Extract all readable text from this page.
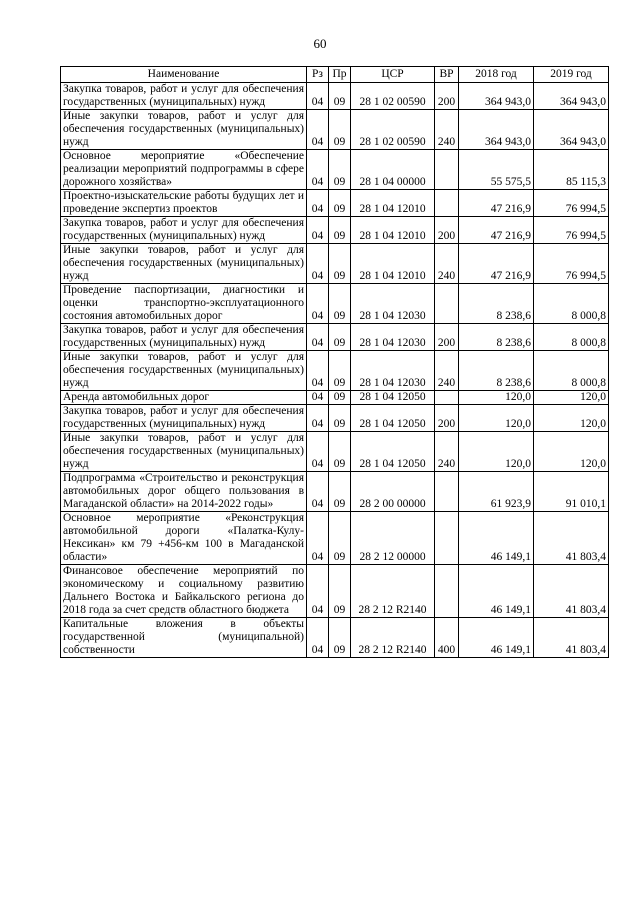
60
Наименование	Рз	Пр	ЦСР	ВР	2018 год	2019 год
Закупка товаров, работ и услуг для обеспечения государственных (муниципальных) нужд	04	09	28 1 02 00590	200	364 943,0	364 943,0
Иные закупки товаров, работ и услуг для обеспечения государственных (муниципальных) нужд	04	09	28 1 02 00590	240	364 943,0	364 943,0
Основное мероприятие «Обеспечение реализации мероприятий подпрограммы в сфере дорожного хозяйства»	04	09	28 1 04 00000		55 575,5	85 115,3
Проектно-изыскательские работы будущих лет и проведение экспертиз проектов	04	09	28 1 04 12010		47 216,9	76 994,5
Закупка товаров, работ и услуг для обеспечения государственных (муниципальных) нужд	04	09	28 1 04 12010	200	47 216,9	76 994,5
Иные закупки товаров, работ и услуг для обеспечения государственных (муниципальных) нужд	04	09	28 1 04 12010	240	47 216,9	76 994,5
Проведение паспортизации, диагностики и оценки транспортно-эксплуатационного состояния автомобильных дорог	04	09	28 1 04 12030		8 238,6	8 000,8
Закупка товаров, работ и услуг для обеспечения государственных (муниципальных) нужд	04	09	28 1 04 12030	200	8 238,6	8 000,8
Иные закупки товаров, работ и услуг для обеспечения государственных (муниципальных) нужд	04	09	28 1 04 12030	240	8 238,6	8 000,8
Аренда автомобильных дорог	04	09	28 1 04 12050		120,0	120,0
Закупка товаров, работ и услуг для обеспечения государственных (муниципальных) нужд	04	09	28 1 04 12050	200	120,0	120,0
Иные закупки товаров, работ и услуг для обеспечения государственных (муниципальных) нужд	04	09	28 1 04 12050	240	120,0	120,0
Подпрограмма «Строительство и реконструкция автомобильных дорог общего пользования в Магаданской области» на 2014-2022 годы»	04	09	28 2 00 00000		61 923,9	91 010,1
Основное мероприятие «Реконструкция автомобильной дороги «Палатка-Кулу-Нексикан» км 79 +456-км 100 в Магаданской области»	04	09	28 2 12 00000		46 149,1	41 803,4
Финансовое обеспечение мероприятий по экономическому и социальному развитию Дальнего Востока и Байкальского региона до 2018 года за счет средств областного бюджета	04	09	28 2 12 R2140		46 149,1	41 803,4
Капитальные вложения в объекты государственной (муниципальной) собственности	04	09	28 2 12 R2140	400	46 149,1	41 803,4
